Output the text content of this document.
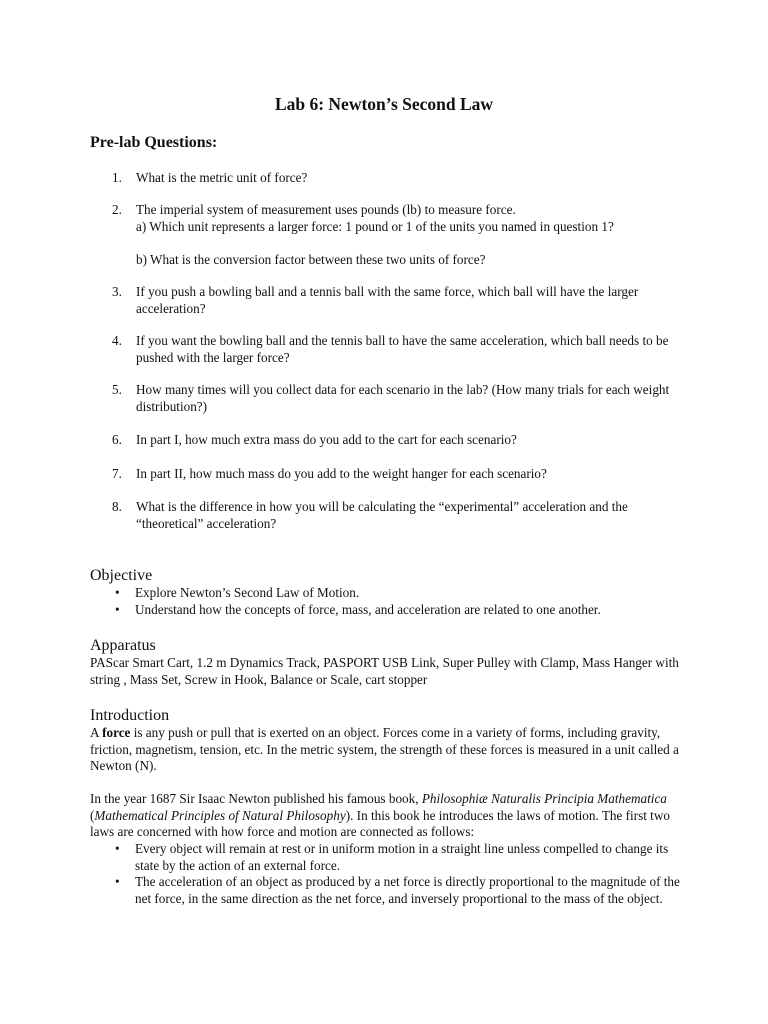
Lab 6: Newton’s Second Law
Pre-lab Questions:
1. What is the metric unit of force?
2. The imperial system of measurement uses pounds (lb) to measure force.
a) Which unit represents a larger force: 1 pound or 1 of the units you named in question 1?
b) What is the conversion factor between these two units of force?
3. If you push a bowling ball and a tennis ball with the same force, which ball will have the larger acceleration?
4. If you want the bowling ball and the tennis ball to have the same acceleration, which ball needs to be pushed with the larger force?
5. How many times will you collect data for each scenario in the lab? (How many trials for each weight distribution?)
6. In part I, how much extra mass do you add to the cart for each scenario?
7. In part II, how much mass do you add to the weight hanger for each scenario?
8. What is the difference in how you will be calculating the “experimental” acceleration and the “theoretical” acceleration?
Objective
• Explore Newton’s Second Law of Motion.
• Understand how the concepts of force, mass, and acceleration are related to one another.
Apparatus
PAScar Smart Cart, 1.2 m Dynamics Track, PASPORT USB Link, Super Pulley with Clamp, Mass Hanger with string , Mass Set, Screw in Hook, Balance or Scale, cart stopper
Introduction
A force is any push or pull that is exerted on an object. Forces come in a variety of forms, including gravity, friction, magnetism, tension, etc. In the metric system, the strength of these forces is measured in a unit called a Newton (N).
In the year 1687 Sir Isaac Newton published his famous book, Philosophiæ Naturalis Principia Mathematica (Mathematical Principles of Natural Philosophy). In this book he introduces the laws of motion. The first two laws are concerned with how force and motion are connected as follows:
• Every object will remain at rest or in uniform motion in a straight line unless compelled to change its state by the action of an external force.
• The acceleration of an object as produced by a net force is directly proportional to the magnitude of the net force, in the same direction as the net force, and inversely proportional to the mass of the object.
